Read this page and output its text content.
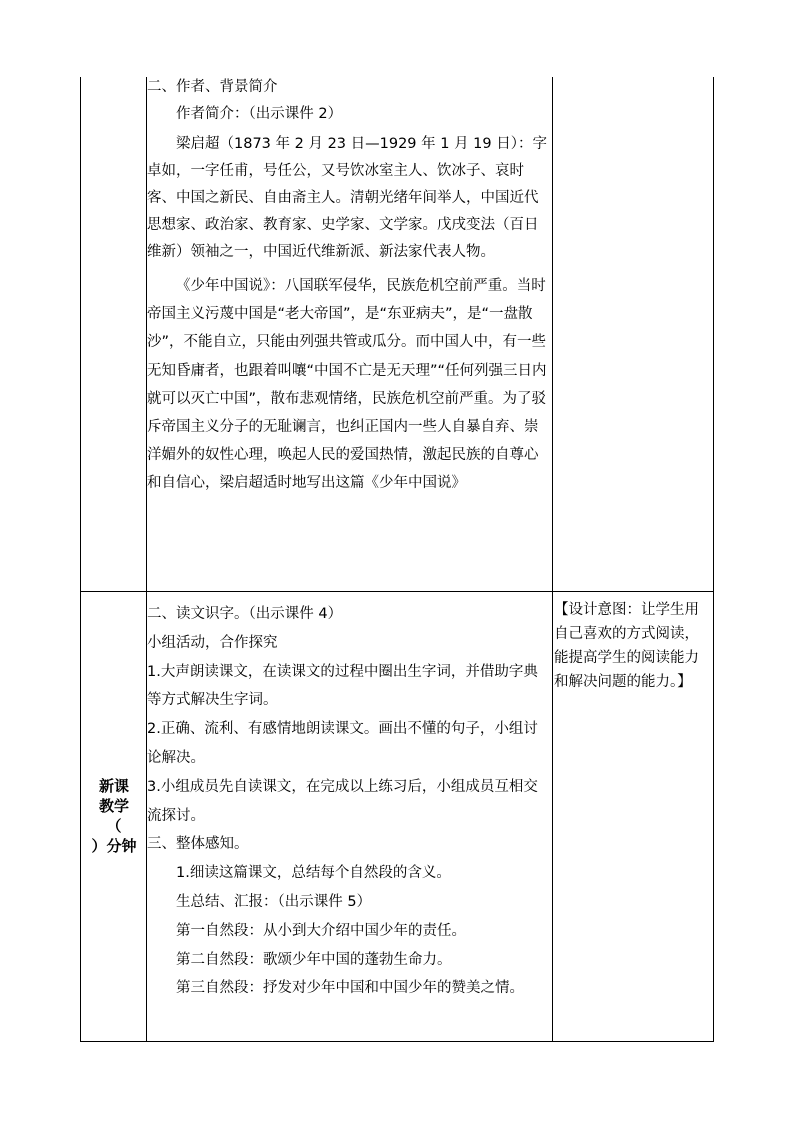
二、作者、背景简介

作者简介：（出示课件 2）

梁启超（1873 年 2 月 23 日—1929 年 1 月 19 日）：字卓如，一字任甫，号任公，又号饮冰室主人、饮冰子、哀时客、中国之新民、自由斋主人。清朝光绪年间举人，中国近代思想家、政治家、教育家、史学家、文学家。戊戌变法（百日维新）领袖之一，中国近代维新派、新法家代表人物。

《少年中国说》：八国联军侵华，民族危机空前严重。当时帝国主义污蔑中国是“老大帝国”，是“东亚病夫”，是“一盘散沙”，不能自立，只能由列强共管或瓜分。而中国人中，有一些无知昏庸者，也跟着叫嚷“中国不亡是无天理”“任何列强三日内就可以灭亡中国”，散布悲观情绪，民族危机空前严重。为了驳斥帝国主义分子的无耻谰言，也纠正国内一些人自暴自弃、崇洋媚外的奴性心理，唤起人民的爱国热情，激起民族的自尊心和自信心，梁启超适时地写出这篇《少年中国说》

新课
教学
（
）分钟

二、读文识字。（出示课件 4）

小组活动，合作探究

1.大声朗读课文，在读课文的过程中圈出生字词，并借助字典等方式解决生字词。

2.正确、流利、有感情地朗读课文。画出不懂的句子，小组讨论解决。

3.小组成员先自读课文，在完成以上练习后，小组成员互相交流探讨。

三、整体感知。

1.细读这篇课文，总结每个自然段的含义。

生总结、汇报：（出示课件 5）

第一自然段：从小到大介绍中国少年的责任。

第二自然段：歌颂少年中国的蓬勃生命力。

第三自然段：抒发对少年中国和中国少年的赞美之情。

【设计意图：让学生用自己喜欢的方式阅读，能提高学生的阅读能力和解决问题的能力。】
